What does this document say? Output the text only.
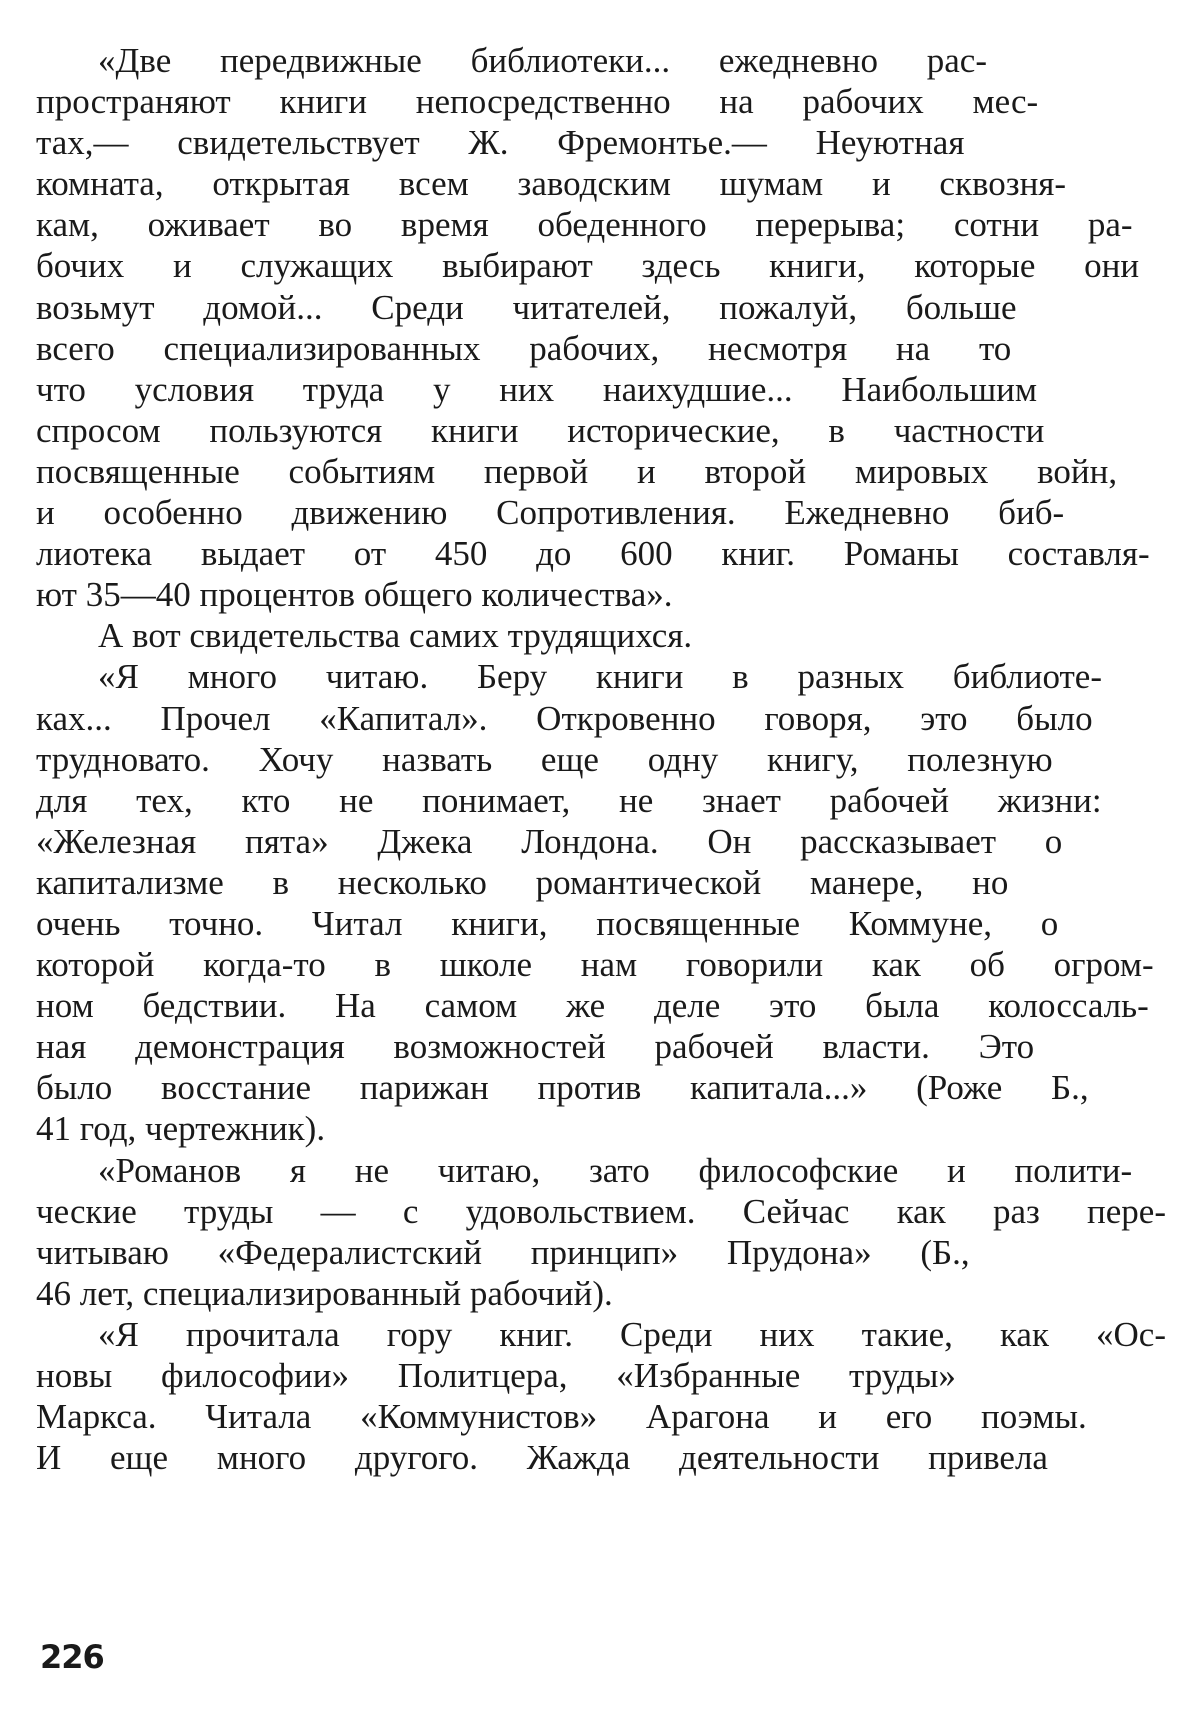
«Две передвижные библиотеки... ежедневно рас-
пространяют книги непосредственно на рабочих мес-
тах,— свидетельствует Ж. Фремонтье.— Неуютная
комната, открытая всем заводским шумам и сквозня-
кам, оживает во время обеденного перерыва; сотни ра-
бочих и служащих выбирают здесь книги, которые они
возьмут домой... Среди читателей, пожалуй, больше
всего специализированных рабочих, несмотря на то
что условия труда у них наихудшие... Наибольшим
спросом пользуются книги исторические, в частности
посвященные событиям первой и второй мировых войн,
и особенно движению Сопротивления. Ежедневно биб-
лиотека выдает от 450 до 600 книг. Романы составля-
ют 35—40 процентов общего количества».

А вот свидетельства самих трудящихся.

«Я много читаю. Беру книги в разных библиоте-
ках... Прочел «Капитал». Откровенно говоря, это было
трудновато. Хочу назвать еще одну книгу, полезную
для тех, кто не понимает, не знает рабочей жизни:
«Железная пята» Джека Лондона. Он рассказывает о
капитализме в несколько романтической манере, но
очень точно. Читал книги, посвященные Коммуне, о
которой когда-то в школе нам говорили как об огром-
ном бедствии. На самом же деле это была колоссаль-
ная демонстрация возможностей рабочей власти. Это
было восстание парижан против капитала...» (Роже Б.,
41 год, чертежник).

«Романов я не читаю, зато философские и полити-
ческие труды — с удовольствием. Сейчас как раз пере-
читываю «Федералистский принцип» Прудона» (Б.,
46 лет, специализированный рабочий).

«Я прочитала гору книг. Среди них такие, как «Ос-
новы философии» Политцера, «Избранные труды»
Маркса. Читала «Коммунистов» Арагона и его поэмы.
И еще много другого. Жажда деятельности привела

226
